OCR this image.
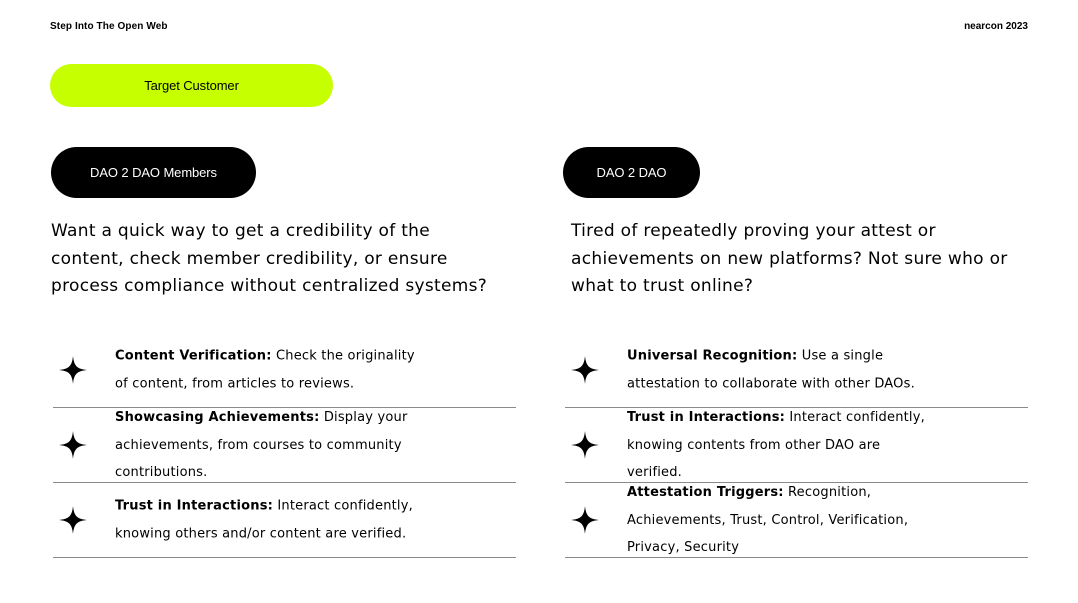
Step Into The Open Web	nearcon 2023
Target Customer
DAO 2 DAO Members	DAO 2 DAO
Want a quick way to get a credibility of the content, check member credibility, or ensure process compliance without centralized systems?
Tired of repeatedly proving your attest or achievements on new platforms? Not sure who or what to trust online?
Content Verification: Check the originality of content, from articles to reviews.
Showcasing Achievements: Display your achievements, from courses to community contributions.
Trust in Interactions: Interact confidently, knowing others and/or content are verified.
Universal Recognition: Use a single attestation to collaborate with other DAOs.
Trust in Interactions: Interact confidently, knowing contents from other DAO are verified.
Attestation Triggers: Recognition, Achievements, Trust, Control, Verification, Privacy, Security
